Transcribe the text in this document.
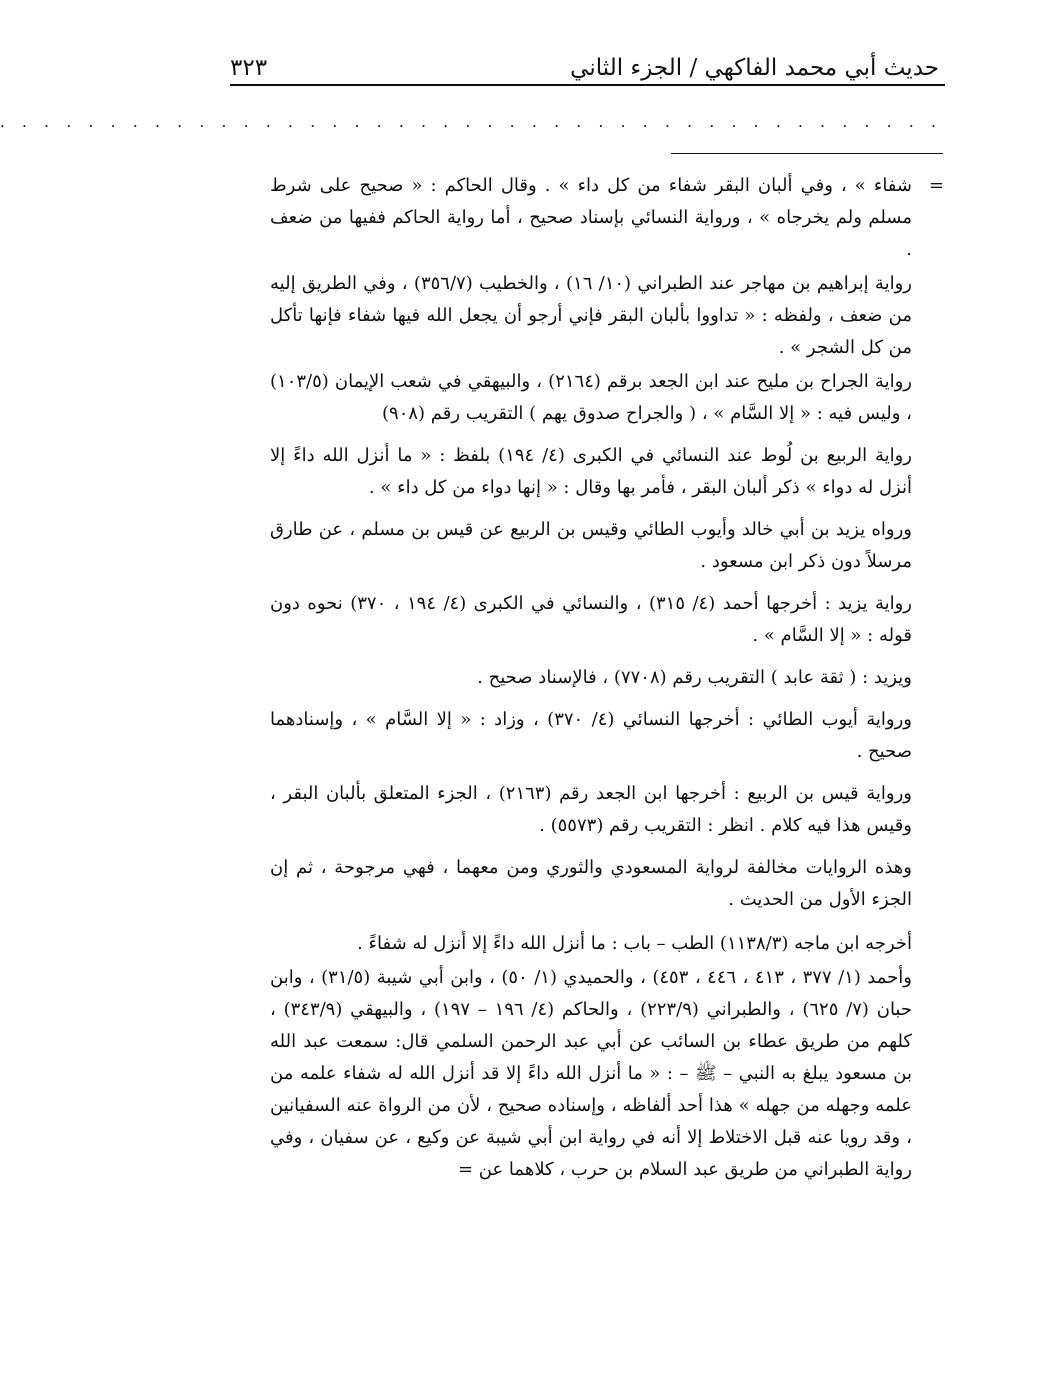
حديث أبي محمد الفاكهي / الجزء الثاني
٣٢٣
. . . . . . . . . . . . . . . . . . . . . . . . . . . . . . . . . . . . . . . . . . .
=

شفاء » ، وفي ألبان البقر شفاء من كل داء » . وقال الحاكم : « صحيح على شرط مسلم ولم يخرجاه » ، ورواية النسائي بإسناد صحيح ، أما رواية الحاكم ففيها من ضعف .

رواية إبراهيم بن مهاجر عند الطبراني (١٠/ ١٦) ، والخطيب (٣٥٦/٧) ، وفي الطريق إليه من ضعف ، ولفظه : « تداووا بألبان البقر فإني أرجو أن يجعل الله فيها شفاء فإنها تأكل من كل الشجر » .

رواية الجراح بن مليح عند ابن الجعد برقم (٢١٦٤) ، والبيهقي في شعب الإيمان (١٠٣/٥) ، وليس فيه : « إلا السَّام » ، ( والجراح صدوق يهم ) التقريب رقم (٩٠٨)

رواية الربيع بن لُوط عند النسائي في الكبرى (٤/ ١٩٤) بلفظ : « ما أنزل الله داءً إلا أنزل له دواء » ذكر ألبان البقر ، فأمر بها وقال : « إنها دواء من كل داء » .

ورواه يزيد بن أبي خالد وأيوب الطائي وقيس بن الربيع عن قيس بن مسلم ، عن طارق مرسلاً دون ذكر ابن مسعود .

رواية يزيد : أخرجها أحمد (٤/ ٣١٥) ، والنسائي في الكبرى (٤/ ١٩٤ ، ٣٧٠) نحوه دون قوله : « إلا السَّام » .

ويزيد : ( ثقة عابد ) التقريب رقم (٧٧٠٨) ، فالإسناد صحيح .

ورواية أيوب الطائي : أخرجها النسائي (٤/ ٣٧٠) ، وزاد : « إلا السَّام » ، وإسنادهما صحيح .

ورواية قيس بن الربيع : أخرجها ابن الجعد رقم (٢١٦٣) ، الجزء المتعلق بألبان البقر ، وقيس هذا فيه كلام . انظر : التقريب رقم (٥٥٧٣) .

وهذه الروايات مخالفة لرواية المسعودي والثوري ومن معهما ، فهي مرجوحة ، ثم إن الجزء الأول من الحديث .

أخرجه ابن ماجه (١١٣٨/٣) الطب – باب : ما أنزل الله داءً إلا أنزل له شفاءً .

وأحمد (١/ ٣٧٧ ، ٤١٣ ، ٤٤٦ ، ٤٥٣) ، والحميدي (١/ ٥٠) ، وابن أبي شيبة (٣١/٥) ، وابن حبان (٧/ ٦٢٥) ، والطبراني (٢٢٣/٩) ، والحاكم (٤/ ١٩٦ – ١٩٧) ، والبيهقي (٣٤٣/٩) ، كلهم من طريق عطاء بن السائب عن أبي عبد الرحمن السلمي قال: سمعت عبد الله بن مسعود يبلغ به النبي – ﷺ – : « ما أنزل الله داءً إلا قد أنزل الله له شفاء علمه من علمه وجهله من جهله » هذا أحد ألفاظه ، وإسناده صحيح ، لأن من الرواة عنه السفيانين ، وقد رويا عنه قبل الاختلاط إلا أنه في رواية ابن أبي شيبة عن وكيع ، عن سفيان ، وفي رواية الطبراني من طريق عبد السلام بن حرب ، كلاهما عن =
